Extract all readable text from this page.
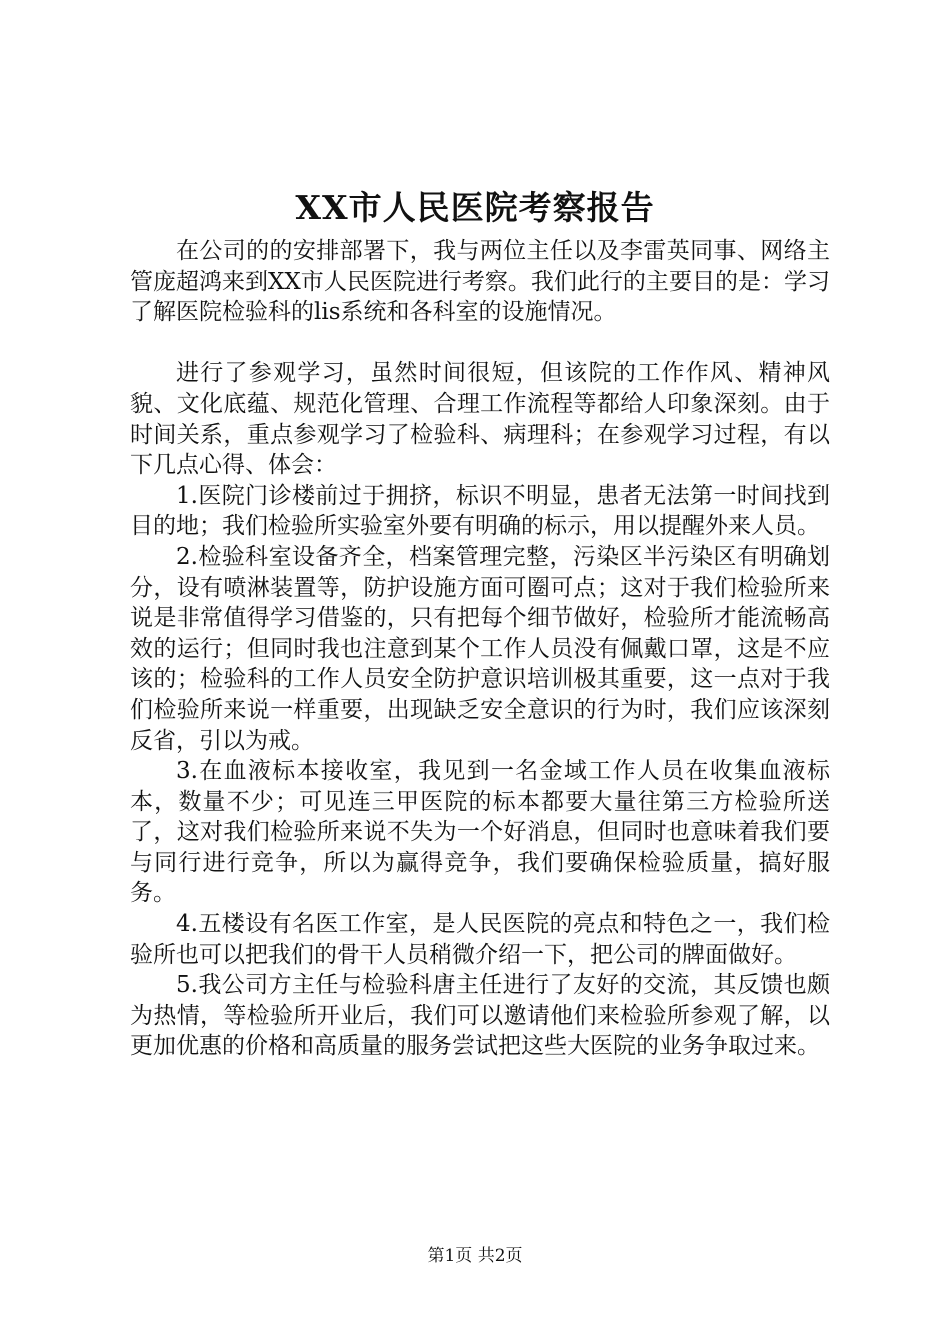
XX市人民医院考察报告

在公司的的安排部署下，我与两位主任以及李雷英同事、网络主管庞超鸿来到XX市人民医院进行考察。我们此行的主要目的是：学习了解医院检验科的lis系统和各科室的设施情况。

进行了参观学习，虽然时间很短，但该院的工作作风、精神风貌、文化底蕴、规范化管理、合理工作流程等都给人印象深刻。由于时间关系，重点参观学习了检验科、病理科；在参观学习过程，有以下几点心得、体会：

1.医院门诊楼前过于拥挤，标识不明显，患者无法第一时间找到目的地；我们检验所实验室外要有明确的标示，用以提醒外来人员。

2.检验科室设备齐全，档案管理完整，污染区半污染区有明确划分，设有喷淋装置等，防护设施方面可圈可点；这对于我们检验所来说是非常值得学习借鉴的，只有把每个细节做好，检验所才能流畅高效的运行；但同时我也注意到某个工作人员没有佩戴口罩，这是不应该的；检验科的工作人员安全防护意识培训极其重要，这一点对于我们检验所来说一样重要，出现缺乏安全意识的行为时，我们应该深刻反省，引以为戒。

3.在血液标本接收室，我见到一名金域工作人员在收集血液标本，数量不少；可见连三甲医院的标本都要大量往第三方检验所送了，这对我们检验所来说不失为一个好消息，但同时也意味着我们要与同行进行竞争，所以为赢得竞争，我们要确保检验质量，搞好服务。

4.五楼设有名医工作室，是人民医院的亮点和特色之一，我们检验所也可以把我们的骨干人员稍微介绍一下，把公司的牌面做好。

5.我公司方主任与检验科唐主任进行了友好的交流，其反馈也颇为热情，等检验所开业后，我们可以邀请他们来检验所参观了解，以更加优惠的价格和高质量的服务尝试把这些大医院的业务争取过来。

第1页 共2页
